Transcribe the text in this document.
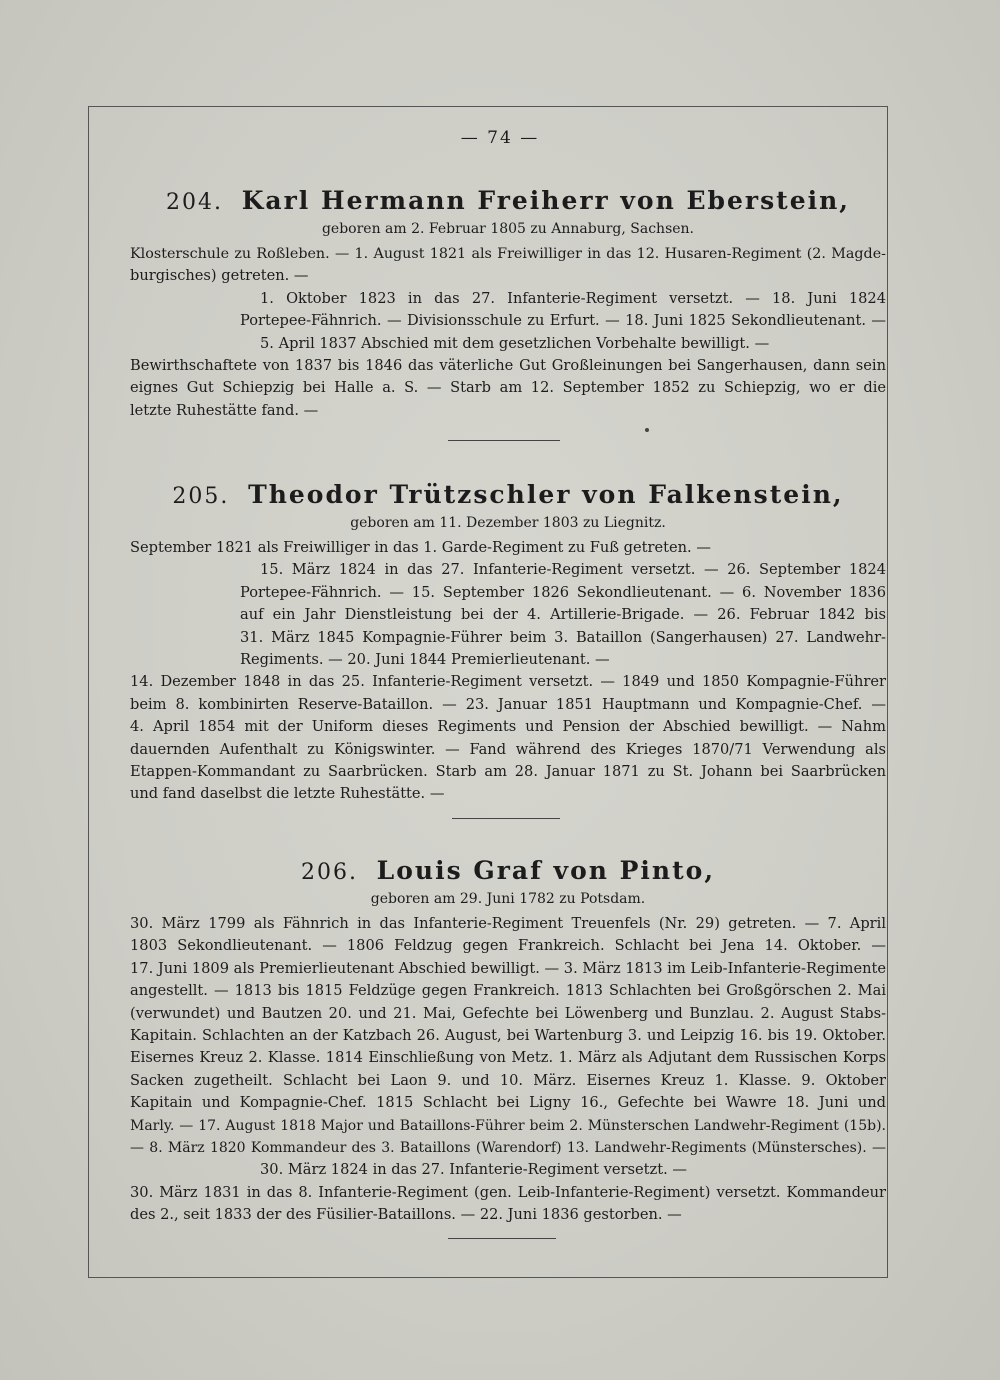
— 74 —
204. Karl Hermann Freiherr von Eberstein,
geboren am 2. Februar 1805 zu Annaburg, Sachsen.
Klosterschule zu Roßleben. — 1. August 1821 als Freiwilliger in das 12. Husaren-Regiment (2. Magde-
burgisches) getreten. —
1. Oktober 1823 in das 27. Infanterie-Regiment versetzt. — 18. Juni 1824
Portepee-Fähnrich. — Divisionsschule zu Erfurt. — 18. Juni 1825 Sekondlieutenant. —
5. April 1837 Abschied mit dem gesetzlichen Vorbehalte bewilligt. —
Bewirthschaftete von 1837 bis 1846 das väterliche Gut Großleinungen bei Sangerhausen, dann sein
eignes Gut Schiepzig bei Halle a. S. — Starb am 12. September 1852 zu Schiepzig, wo er die
letzte Ruhestätte fand. —
205. Theodor Trützschler von Falkenstein,
geboren am 11. Dezember 1803 zu Liegnitz.
September 1821 als Freiwilliger in das 1. Garde-Regiment zu Fuß getreten. —
15. März 1824 in das 27. Infanterie-Regiment versetzt. — 26. September 1824
Portepee-Fähnrich. — 15. September 1826 Sekondlieutenant. — 6. November 1836
auf ein Jahr Dienstleistung bei der 4. Artillerie-Brigade. — 26. Februar 1842 bis
31. März 1845 Kompagnie-Führer beim 3. Bataillon (Sangerhausen) 27. Landwehr-
Regiments. — 20. Juni 1844 Premierlieutenant. —
14. Dezember 1848 in das 25. Infanterie-Regiment versetzt. — 1849 und 1850 Kompagnie-Führer
beim 8. kombinirten Reserve-Bataillon. — 23. Januar 1851 Hauptmann und Kompagnie-Chef. —
4. April 1854 mit der Uniform dieses Regiments und Pension der Abschied bewilligt. — Nahm
dauernden Aufenthalt zu Königswinter. — Fand während des Krieges 1870/71 Verwendung als
Etappen-Kommandant zu Saarbrücken. Starb am 28. Januar 1871 zu St. Johann bei Saarbrücken
und fand daselbst die letzte Ruhestätte. —
206. Louis Graf von Pinto,
geboren am 29. Juni 1782 zu Potsdam.
30. März 1799 als Fähnrich in das Infanterie-Regiment Treuenfels (Nr. 29) getreten. — 7. April
1803 Sekondlieutenant. — 1806 Feldzug gegen Frankreich. Schlacht bei Jena 14. Oktober. —
17. Juni 1809 als Premierlieutenant Abschied bewilligt. — 3. März 1813 im Leib-Infanterie-Regimente
angestellt. — 1813 bis 1815 Feldzüge gegen Frankreich. 1813 Schlachten bei Großgörschen 2. Mai
(verwundet) und Bautzen 20. und 21. Mai, Gefechte bei Löwenberg und Bunzlau. 2. August Stabs-
Kapitain. Schlachten an der Katzbach 26. August, bei Wartenburg 3. und Leipzig 16. bis 19. Oktober.
Eisernes Kreuz 2. Klasse. 1814 Einschließung von Metz. 1. März als Adjutant dem Russischen Korps
Sacken zugetheilt. Schlacht bei Laon 9. und 10. März. Eisernes Kreuz 1. Klasse. 9. Oktober
Kapitain und Kompagnie-Chef. 1815 Schlacht bei Ligny 16., Gefechte bei Wawre 18. Juni und
Marly. — 17. August 1818 Major und Bataillons-Führer beim 2. Münsterschen Landwehr-Regiment (15b).
— 8. März 1820 Kommandeur des 3. Bataillons (Warendorf) 13. Landwehr-Regiments (Münstersches). —
30. März 1824 in das 27. Infanterie-Regiment versetzt. —
30. März 1831 in das 8. Infanterie-Regiment (gen. Leib-Infanterie-Regiment) versetzt. Kommandeur
des 2., seit 1833 der des Füsilier-Bataillons. — 22. Juni 1836 gestorben. —
